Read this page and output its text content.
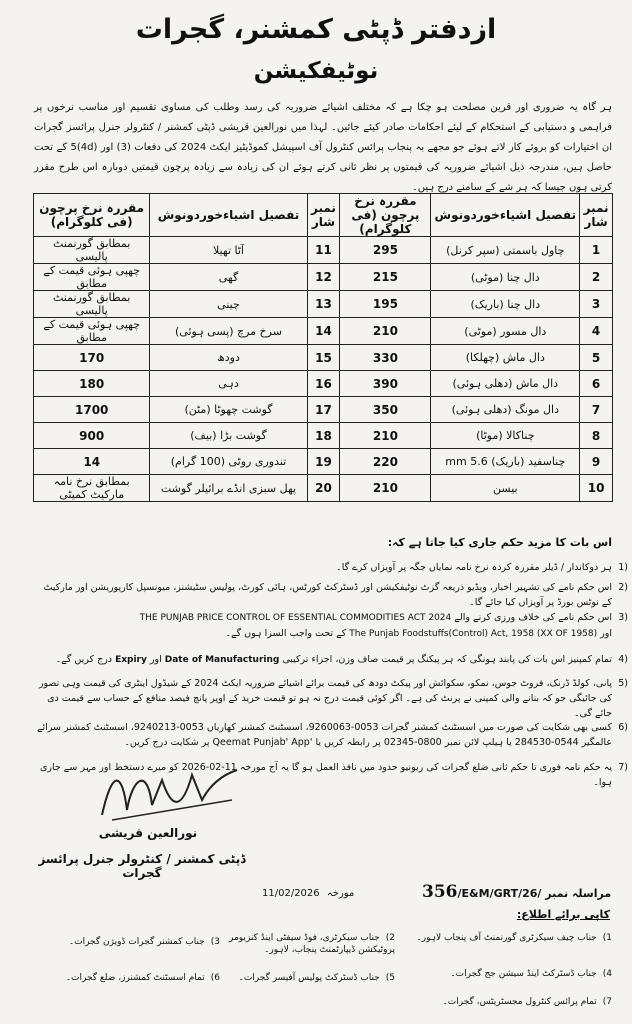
ازدفتر ڈپٹی کمشنر، گجرات
نوٹیفکیشن
ہر گاہ یہ ضروری اور قرین مصلحت ہو چکا ہے کہ مختلف اشیائے ضروریہ کی رسد وطلب کی مساوی تقسیم اور مناسب نرخوں پر فراہمی و دستیابی کے استحکام کے لیئے احکامات صادر کیئے جائیں۔ لہذا میں نورالعین قریشی ڈپٹی کمشنر / کنٹرولر جنرل پرائسز گجرات ان اختیارات کو بروئے کار لاتے ہوئے جو مجھے بہ پنجاب پرائس کنٹرول آف اسپیشل کموڈیٹیز ایکٹ 2024 کی دفعات (3) اور (4d)5 کے تحت حاصل ہیں، مندرجہ ذیل اشیائے ضروریہ کی قیمتوں پر نظر ثانی کرتے ہوئے ان کی زیادہ سے زیادہ پرچون قیمتیں دوبارہ اس طرح مقرر کرتی ہوں جیسا کہ ہر شے کے سامنے درج ہیں۔
مقررہ نرخ پرچون (فی کلوگرام)	تفصیل اشیاءخوردونوش	نمبر شار	مقررہ نرخ پرچون (فی کلوگرام)	تفصیل اشیاءخوردونوش	نمبر شار
بمطابق گورنمنٹ پالیسی	آٹا تھیلا	11	295	چاول باسمتی (سپر کرنل)	1
چھپی ہوئی قیمت کے مطابق	گھی	12	215	دال چنا (موٹی)	2
بمطابق گورنمنٹ پالیسی	چینی	13	195	دال چنا (باریک)	3
چھپی ہوئی قیمت کے مطابق	سرخ مرچ (پسی ہوئی)	14	210	دال مسور (موٹی)	4
170	دودھ	15	330	دال ماش (چھلکا)	5
180	دہی	16	390	دال ماش (دھلی ہوئی)	6
1700	گوشت چھوٹا (مٹن)	17	350	دال مونگ (دھلی ہوئی)	7
900	گوشت بڑا (بیف)	18	210	چناکالا (موٹا)	8
14	تندوری روٹی (100 گرام)	19	220	چناسفید (باریک) 5.6 mm	9
بمطابق نرخ نامہ مارکیٹ کمیٹی	پھل سبزی انڈے برائیلر گوشت	20	210	بیسن	10
اس بات کا مزید حکم جاری کیا جاتا ہے کہ:
(1
ہر دوکاندار / ڈیلر مقررہ کردہ نرخ نامہ نمایاں جگہ پر آویزاں کرے گا۔
(2
اس حکم نامے کی تشہیر اخبار، ویڈیو ذریعہ گزٹ نوٹیفکیشن اور ڈسٹرکٹ کورٹس، ہائی کورٹ، پولیس سٹیشنز، میونسپل کارپوریشن اور مارکیٹ کے نوٹس بورڈ پر آویزاں کیا جائے گا۔
(3
اس حکم نامے کی خلاف ورزی کرنے والے THE PUNJAB PRICE CONTROL OF ESSENTIAL COMMODITIES ACT 2024
اور The Punjab Foodstuffs(Control) Act, 1958 (XX OF 1958) کے تحت واجب السزا ہوں گے۔
(4
تمام کمپنیز اس بات کی پابند ہونگی کہ ہر پیکنگ پر قیمت صاف وزن، اجزاء ترکیبی Date of Manufacturing اور Expiry درج کریں گے۔
(5
پانی، کولڈ ڈرنک، فروٹ جوس، نمکو، سکوائش اور پیکٹ دودھ کی قیمت برائے اشیائے ضروریہ ایکٹ 2024 کے شیڈول اینٹری کی قیمت وہی تصور کی جائیگی جو کہ بنانے والی کمپنی نے پرنٹ کی ہے۔ اگر کوئی قیمت درج نہ ہو تو قیمت خرید کے اوپر پانچ فیصد منافع کے حساب سے قیمت دی جائے گی۔
(6
کسی بھی شکایت کی صورت میں اسسٹنٹ کمشنر گجرات 0053-9260063، اسسٹنٹ کمشنر کھاریاں 0053-9240213، اسسٹنٹ کمشنر سرائے عالمگیر 0544-284530 یا ہیلپ لائن نمبر 0800-02345 پر رابطہ کریں یا 'Qeemat Punjab' App پر شکایت درج کریں۔
(7
یہ حکم نامہ فوری تا حکم ثانی ضلع گجرات کی ریونیو حدود میں نافذ العمل ہو گا یہ آج مورخہ 11-02-2026 کو میرے دستخط اور مہر سے جاری ہوا۔
نورالعین قریشی
ڈپٹی کمشنر / کنٹرولر جنرل پرائسز گجرات
11/02/2026 مورخہ	356/E&M/GRT/26/ مراسلہ نمبر
کاپی برائے اطلاع:
1)جناب چیف سیکرٹری گورنمنٹ آف پنجاب لاہور۔
2)جناب سیکرٹری، فوڈ سیفٹی اینڈ کنزیومر پروٹیکشن ڈیپارٹمنٹ پنجاب، لاہور۔
3)جناب کمشنر گجرات ڈویژن گجرات۔
4)جناب ڈسٹرکٹ اینڈ سیشن جج گجرات۔
5)جناب ڈسٹرکٹ پولیس آفیسر گجرات۔
6)تمام اسسٹنٹ کمشنرز، ضلع گجرات۔
7)تمام پرائس کنٹرول مجسٹریٹس، گجرات۔
